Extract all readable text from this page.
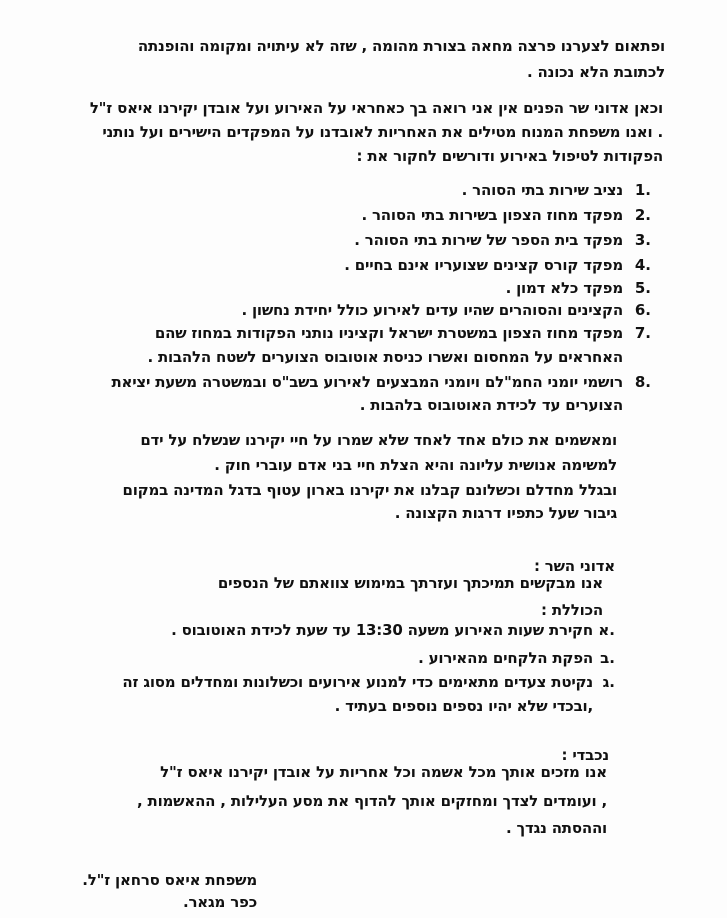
ופתאום לצערנו פרצה מחאה בצורת מהומה , שזה לא עיתויה ומקומה והופנתה

לכתובת הלא נכונה .

וכאן אדוני שר הפנים אין אני רואה בך כאחראי על האירוע ועל אובדן יקירנו איאס ז"ל

. ואנו משפחת המנוח מטילים את האחריות לאובדנו על המפקדים הישירים ועל נותני

הפקודות לטיפול באירוע ודורשים לחקור את :

1.

נציב שירות בתי הסוהר .

2.

מפקד מחוז הצפון בשירות בתי הסוהר .

3.

מפקד בית הספר של שירות בתי הסוהר .

4.

מפקד קורס קצינים שצועריו אינם בחיים .

5.

מפקד כלא דמון .

6.

הקצינים והסוהרים שהיו עדים לאירוע כולל יחידת נחשון .

7.

מפקד מחוז הצפון במשטרת ישראל וקציניו נותני הפקודות במחוז שהם

האחראים על המחסום ואשרו כניסת אוטובוס הצוערים לשטח הלהבות .

8.

רושמי יומני החמ"לם ויומני המבצעים לאירוע בשב"ס ובמשטרה משעת יציאת

הצוערים עד לכידת האוטובוס בלהבות .

ומאשמים את כולם אחד לאחד שלא שמרו על חיי יקירנו שנשלח על ידם

למשימה אנושית עליונה והיא הצלת חיי בני אדם עוברי חוק .

ובגלל מחדלם וכשלונם קבלנו את יקירנו בארון עטוף בדגל המדינה במקום

גיבור שעל כתפיו דרגות הקצונה .

אדוני השר :

אנו מבקשים תמיכתך ועזרתך במימוש צוואתם של הנספים

הכוללת :

א.

חקירת שעות האירוע משעה 13:30 עד שעת לכידת האוטובוס .

ב.

הפקת הלקחים מהאירוע .

ג.

נקיטת צעדים מתאימים כדי למנוע אירועים וכשלונות ומחדלים מסוג זה

,ובכדי שלא יהיו נספים נוספים בעתיד .

נכבדי :

אנו מזכים אותך מכל אשמה וכל אחריות על אובדן יקירנו איאס ז"ל

, ועומדים לצדך ומחזקים אותך להדוף את מסע העלילות , ההאשמות ,

וההסתה נגדך .

משפחת איאס סרחאן ז"ל.

כפר מגאר.
